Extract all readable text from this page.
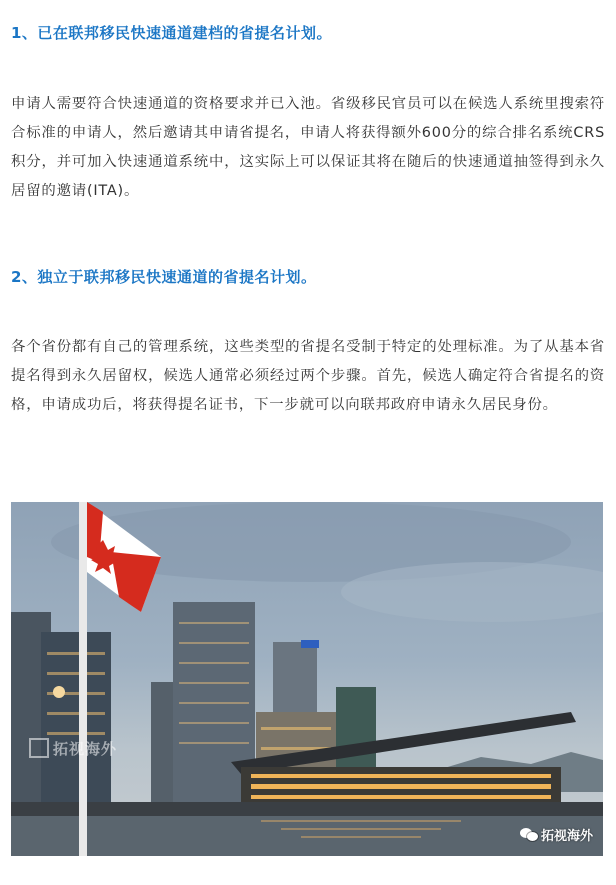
1、已在联邦移民快速通道建档的省提名计划。
申请人需要符合快速通道的资格要求并已入池。省级移民官员可以在候选人系统里搜索符合标准的申请人，然后邀请其申请省提名，申请人将获得额外600分的综合排名系统CRS积分，并可加入快速通道系统中，这实际上可以保证其将在随后的快速通道抽签得到永久居留的邀请(ITA)。
2、独立于联邦移民快速通道的省提名计划。
各个省份都有自己的管理系统，这些类型的省提名受制于特定的处理标准。为了从基本省提名得到永久居留权，候选人通常必须经过两个步骤。首先，候选人确定符合省提名的资格，申请成功后，将获得提名证书，下一步就可以向联邦政府申请永久居民身份。
拓视海外
拓视海外
